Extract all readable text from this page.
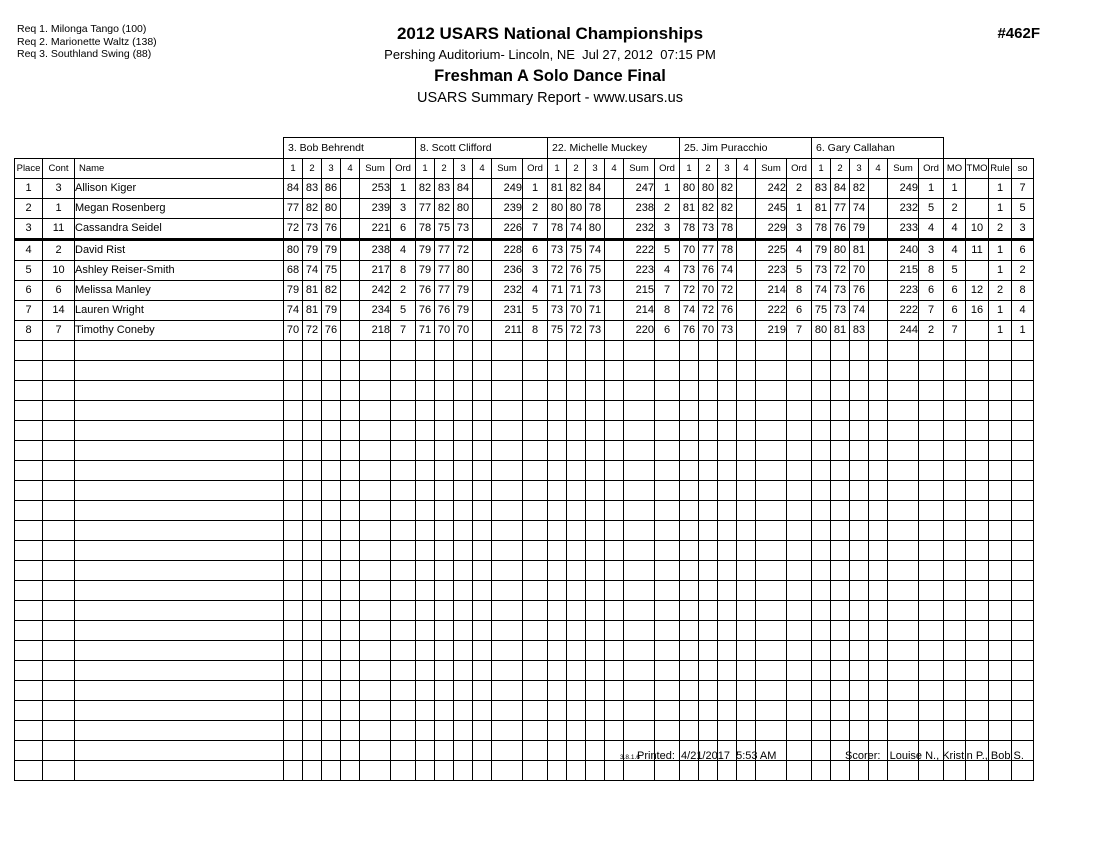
Req 1. Milonga Tango (100)
Req 2. Marionette Waltz (138)
Req 3. Southland Swing (88)
2012 USARS National Championships
Pershing Auditorium- Lincoln, NE  Jul 27, 2012  07:15 PM
Freshman A Solo Dance Final
USARS Summary Report - www.usars.us
#462F
			3. Bob Behrendt						8. Scott Clifford						22. Michelle Muckey						25. Jim Puracchio						6. Gary Callahan									
Place	Cont	Name	1	2	3	4	Sum	Ord	1	2	3	4	Sum	Ord	1	2	3	4	Sum	Ord	1	2	3	4	Sum	Ord	1	2	3	4	Sum	Ord	MO	TMO	Rule	so
1	3	Allison Kiger	84	83	86		253	1	82	83	84		249	1	81	82	84		247	1	80	80	82		242	2	83	84	82		249	1	1		1	7
2	1	Megan Rosenberg	77	82	80		239	3	77	82	80		239	2	80	80	78		238	2	81	82	82		245	1	81	77	74		232	5	2		1	5
3	11	Cassandra Seidel	72	73	76		221	6	78	75	73		226	7	78	74	80		232	3	78	73	78		229	3	78	76	79		233	4	4	10	2	3
4	2	David Rist	80	79	79		238	4	79	77	72		228	6	73	75	74		222	5	70	77	78		225	4	79	80	81		240	3	4	11	1	6
5	10	Ashley Reiser-Smith	68	74	75		217	8	79	77	80		236	3	72	76	75		223	4	73	76	74		223	5	73	72	70		215	8	5		1	2
6	6	Melissa Manley	79	81	82		242	2	76	77	79		232	4	71	71	73		215	7	72	70	72		214	8	74	73	76		223	6	6	12	2	8
7	14	Lauren Wright	74	81	79		234	5	76	76	79		231	5	73	70	71		214	8	74	72	76		222	6	75	73	74		222	7	6	16	1	4
8	7	Timothy Coneby	70	72	76		218	7	71	70	70		211	8	75	72	73		220	6	76	70	73		219	7	80	81	83		244	2	7		1	1

3.8.1.6
Printed:  4/21/2017  5:53 AM	Scorer:   Louise N., Kristin P., Bob S.
